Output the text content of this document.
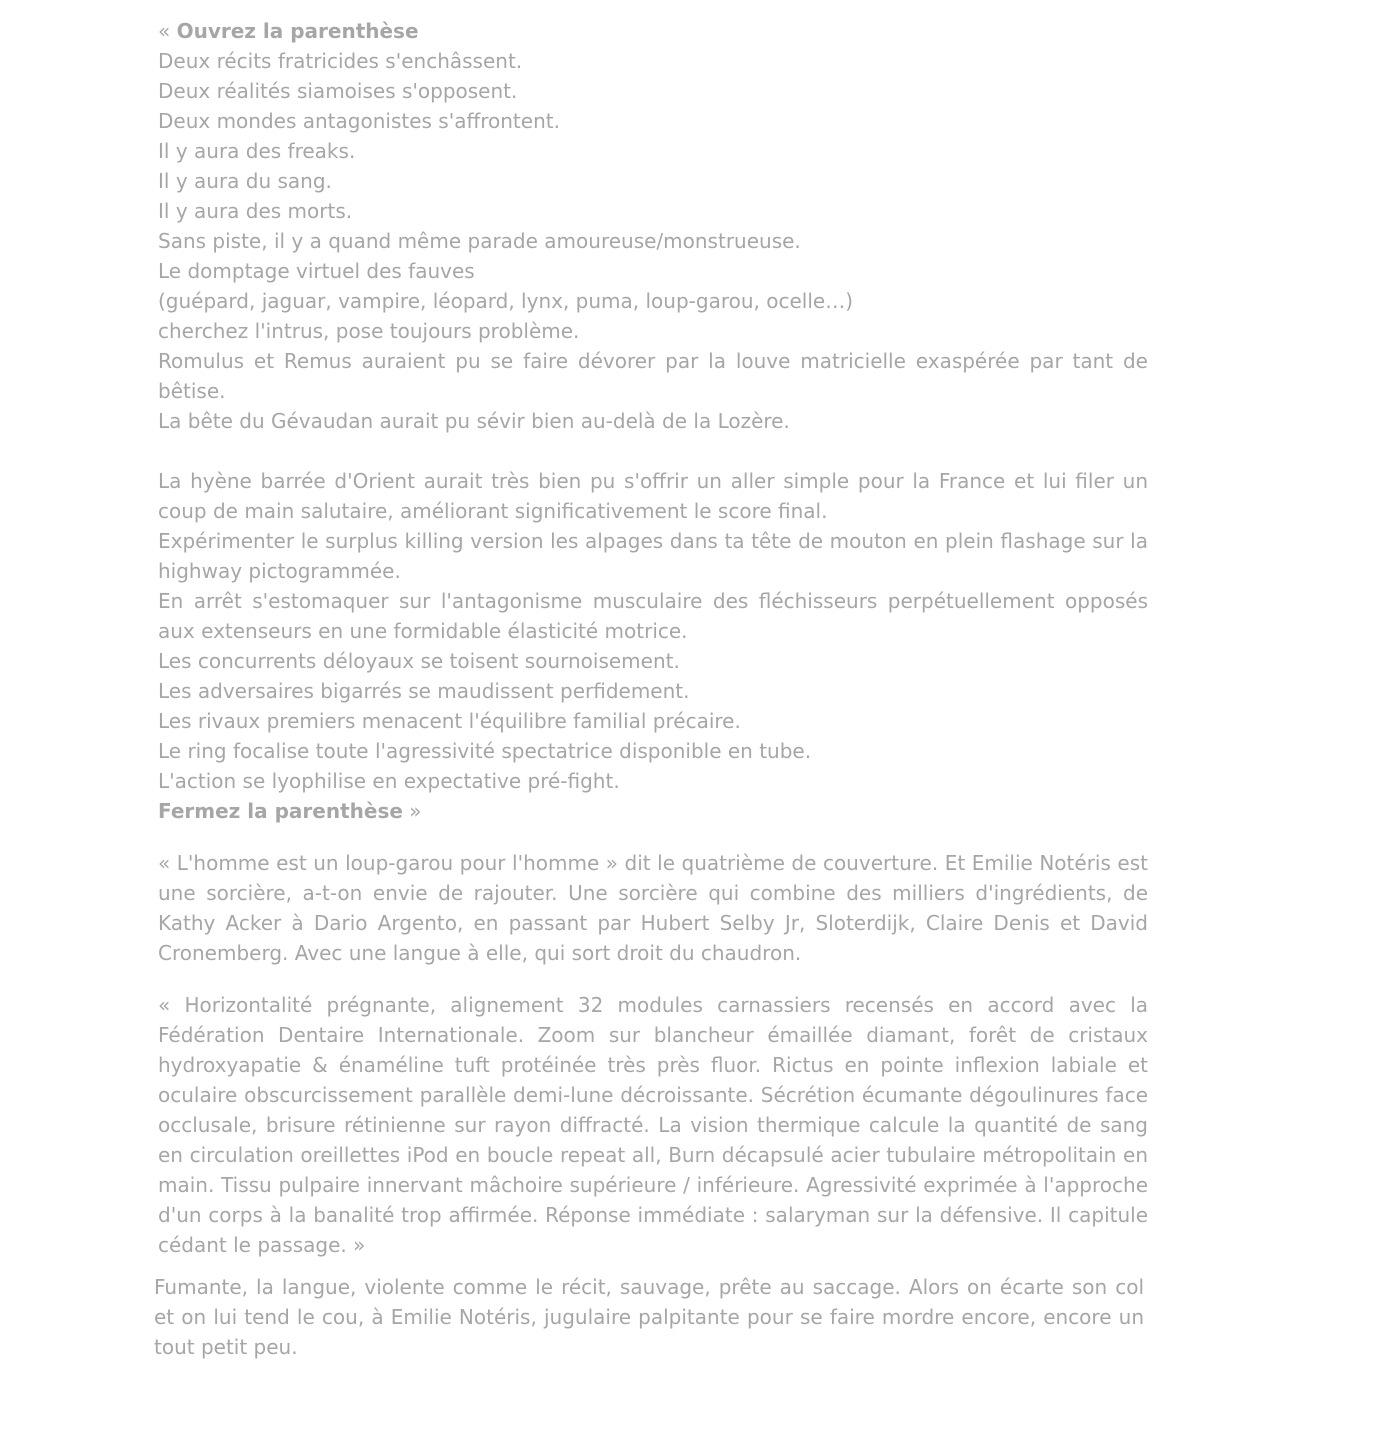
« Ouvrez la parenthèse
Deux récits fratricides s'enchâssent.
Deux réalités siamoises s'opposent.
Deux mondes antagonistes s'affrontent.
Il y aura des freaks.
Il y aura du sang.
Il y aura des morts.
Sans piste, il y a quand même parade amoureuse/monstrueuse.
Le domptage virtuel des fauves
(guépard, jaguar, vampire, léopard, lynx, puma, loup-garou, ocelle…)
cherchez l'intrus, pose toujours problème.
Romulus et Remus auraient pu se faire dévorer par la louve matricielle exaspérée par tant de bêtise.
La bête du Gévaudan aurait pu sévir bien au-delà de la Lozère.
La hyène barrée d'Orient aurait très bien pu s'offrir un aller simple pour la France et lui filer un coup de main salutaire, améliorant significativement le score final.
Expérimenter le surplus killing version les alpages dans ta tête de mouton en plein flashage sur la highway pictogrammée.
En arrêt s'estomaquer sur l'antagonisme musculaire des fléchisseurs perpétuellement opposés aux extenseurs en une formidable élasticité motrice.
Les concurrents déloyaux se toisent sournoisement.
Les adversaires bigarrés se maudissent perfidement.
Les rivaux premiers menacent l'équilibre familial précaire.
Le ring focalise toute l'agressivité spectatrice disponible en tube.
L'action se lyophilise en expectative pré-fight.
Fermez la parenthèse »
« L'homme est un loup-garou pour l'homme » dit le quatrième de couverture. Et Emilie Notéris est une sorcière, a-t-on envie de rajouter. Une sorcière qui combine des milliers d'ingrédients, de Kathy Acker à Dario Argento, en passant par Hubert Selby Jr, Sloterdijk, Claire Denis et David Cronemberg. Avec une langue à elle, qui sort droit du chaudron.
« Horizontalité prégnante, alignement 32 modules carnassiers recensés en accord avec la Fédération Dentaire Internationale. Zoom sur blancheur émaillée diamant, forêt de cristaux hydroxyapatie & énaméline tuft protéinée très près fluor. Rictus en pointe inflexion labiale et oculaire obscurcissement parallèle demi-lune décroissante. Sécrétion écumante dégoulinures face occlusale, brisure rétinienne sur rayon diffracté. La vision thermique calcule la quantité de sang en circulation oreillettes iPod en boucle repeat all, Burn décapsulé acier tubulaire métropolitain en main. Tissu pulpaire innervant mâchoire supérieure / inférieure. Agressivité exprimée à l'approche d'un corps à la banalité trop affirmée. Réponse immédiate : salaryman sur la défensive. Il capitule cédant le passage. »
Fumante, la langue, violente comme le récit, sauvage, prête au saccage. Alors on écarte son col et on lui tend le cou, à Emilie Notéris, jugulaire palpitante pour se faire mordre encore, encore un tout petit peu.
